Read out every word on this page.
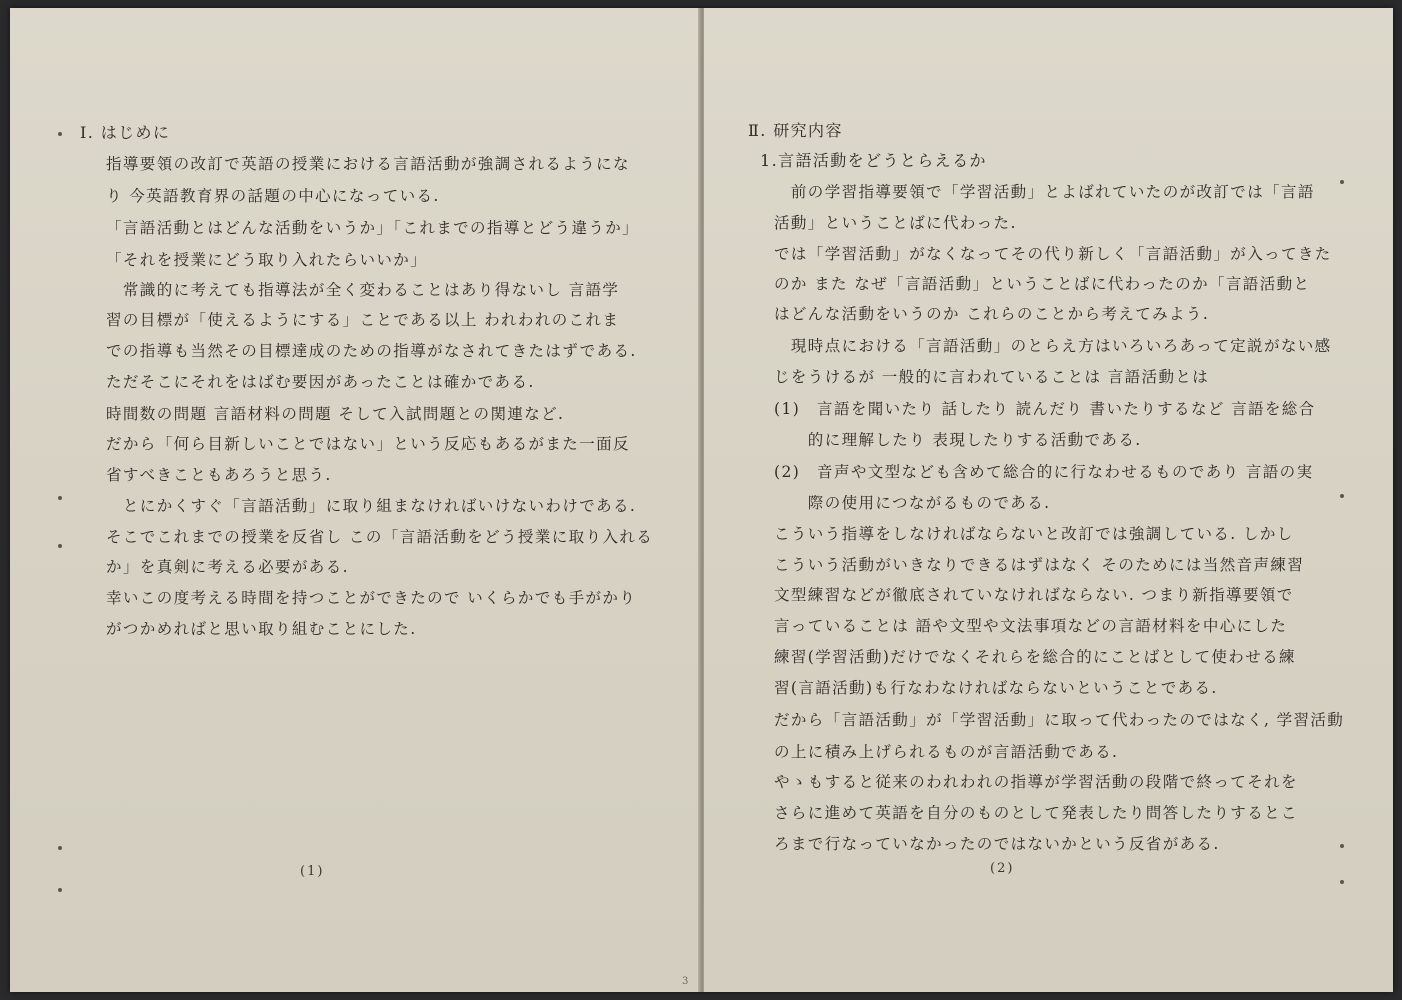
Ⅰ. はじめに
指導要領の改訂で英語の授業における言語活動が強調されるようにな
り 今英語教育界の話題の中心になっている.
「言語活動とはどんな活動をいうか」「これまでの指導とどう違うか」
「それを授業にどう取り入れたらいいか」
　常識的に考えても指導法が全く変わることはあり得ないし 言語学
習の目標が「使えるようにする」ことである以上 われわれのこれま
での指導も当然その目標達成のための指導がなされてきたはずである.
ただそこにそれをはばむ要因があったことは確かである.
時間数の問題 言語材料の問題 そして入試問題との関連など.
だから「何ら目新しいことではない」という反応もあるがまた一面反
省すべきこともあろうと思う.
　とにかくすぐ「言語活動」に取り組まなければいけないわけである.
そこでこれまでの授業を反省し この「言語活動をどう授業に取り入れる
か」を真剣に考える必要がある.
幸いこの度考える時間を持つことができたので いくらかでも手がかり
がつかめればと思い取り組むことにした.
(1)
3
Ⅱ. 研究内容
1.言語活動をどうとらえるか
　前の学習指導要領で「学習活動」とよばれていたのが改訂では「言語
活動」ということばに代わった.
では「学習活動」がなくなってその代り新しく「言語活動」が入ってきた
のか また なぜ「言語活動」ということばに代わったのか「言語活動と
はどんな活動をいうのか これらのことから考えてみよう.
　現時点における「言語活動」のとらえ方はいろいろあって定説がない感
じをうけるが 一般的に言われていることは 言語活動とは
(1)　言語を聞いたり 話したり 読んだり 書いたりするなど 言語を総合
　　的に理解したり 表現したりする活動である.
(2)　音声や文型なども含めて総合的に行なわせるものであり 言語の実
　　際の使用につながるものである.
こういう指導をしなければならないと改訂では強調している. しかし
こういう活動がいきなりできるはずはなく そのためには当然音声練習
文型練習などが徹底されていなければならない. つまり新指導要領で
言っていることは 語や文型や文法事項などの言語材料を中心にした
練習(学習活動)だけでなくそれらを総合的にことばとして使わせる練
習(言語活動)も行なわなければならないということである.
だから「言語活動」が「学習活動」に取って代わったのではなく, 学習活動
の上に積み上げられるものが言語活動である.
やゝもすると従来のわれわれの指導が学習活動の段階で終ってそれを
さらに進めて英語を自分のものとして発表したり問答したりするとこ
ろまで行なっていなかったのではないかという反省がある.
(2)
